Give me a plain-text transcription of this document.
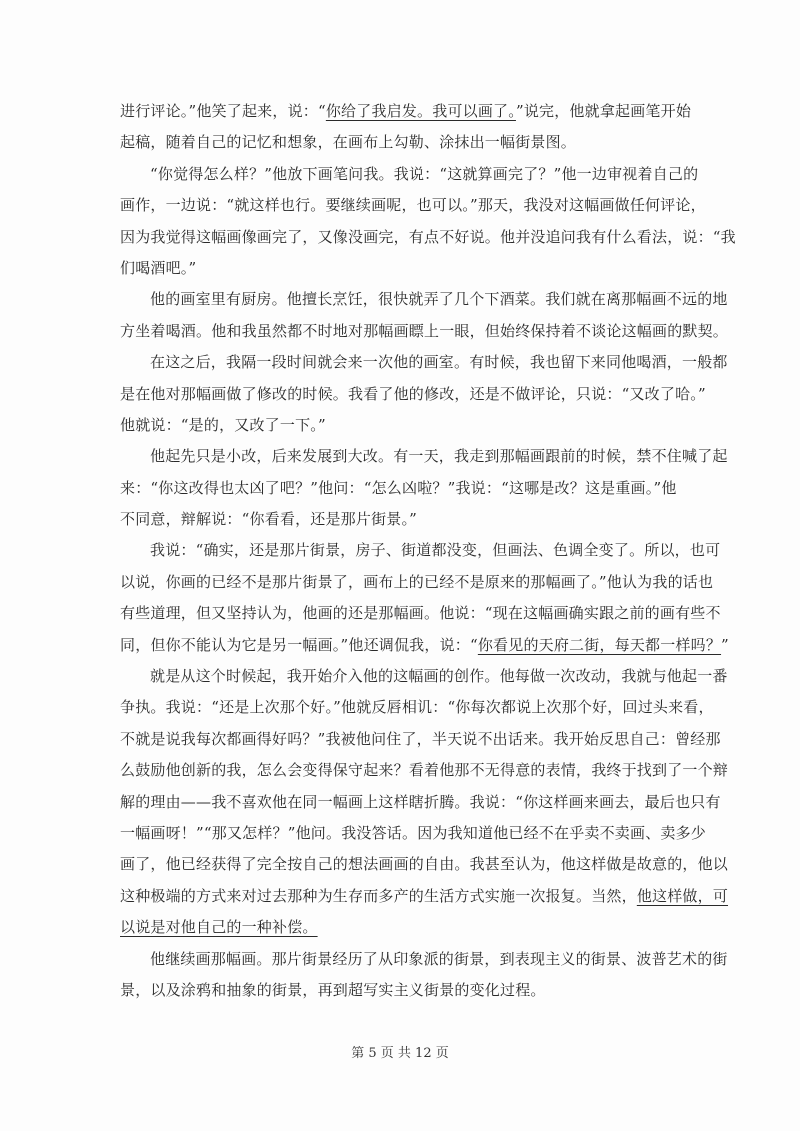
进行评论。”他笑了起来，说：“你给了我启发。我可以画了。”说完，他就拿起画笔开始
起稿，随着自己的记忆和想象，在画布上勾勒、涂抹出一幅街景图。
“你觉得怎么样？”他放下画笔问我。我说：“这就算画完了？”他一边审视着自己的
画作，一边说：“就这样也行。要继续画呢，也可以。”那天，我没对这幅画做任何评论，
因为我觉得这幅画像画完了，又像没画完，有点不好说。他并没追问我有什么看法，说：“我
们喝酒吧。”
他的画室里有厨房。他擅长烹饪，很快就弄了几个下酒菜。我们就在离那幅画不远的地
方坐着喝酒。他和我虽然都不时地对那幅画瞟上一眼，但始终保持着不谈论这幅画的默契。
在这之后，我隔一段时间就会来一次他的画室。有时候，我也留下来同他喝酒，一般都
是在他对那幅画做了修改的时候。我看了他的修改，还是不做评论，只说：“又改了哈。”
他就说：“是的，又改了一下。”
他起先只是小改，后来发展到大改。有一天，我走到那幅画跟前的时候，禁不住喊了起
来：“你这改得也太凶了吧？”他问：“怎么凶啦？”我说：“这哪是改？这是重画。”他
不同意，辩解说：“你看看，还是那片街景。”
我说：“确实，还是那片街景，房子、街道都没变，但画法、色调全变了。所以，也可
以说，你画的已经不是那片街景了，画布上的已经不是原来的那幅画了。”他认为我的话也
有些道理，但又坚持认为，他画的还是那幅画。他说：“现在这幅画确实跟之前的画有些不
同，但你不能认为它是另一幅画。”他还调侃我，说：“你看见的天府二街，每天都一样吗？”
就是从这个时候起，我开始介入他的这幅画的创作。他每做一次改动，我就与他起一番
争执。我说：“还是上次那个好。”他就反唇相讥：“你每次都说上次那个好，回过头来看，
不就是说我每次都画得好吗？”我被他问住了，半天说不出话来。我开始反思自己：曾经那
么鼓励他创新的我，怎么会变得保守起来？看着他那不无得意的表情，我终于找到了一个辩
解的理由——我不喜欢他在同一幅画上这样瞎折腾。我说：“你这样画来画去，最后也只有
一幅画呀！”“那又怎样？”他问。我没答话。因为我知道他已经不在乎卖不卖画、卖多少
画了，他已经获得了完全按自己的想法画画的自由。我甚至认为，他这样做是故意的，他以
这种极端的方式来对过去那种为生存而多产的生活方式实施一次报复。当然，他这样做，可
以说是对他自己的一种补偿。
他继续画那幅画。那片街景经历了从印象派的街景，到表现主义的街景、波普艺术的街
景，以及涂鸦和抽象的街景，再到超写实主义街景的变化过程。
第 5 页 共 12 页
